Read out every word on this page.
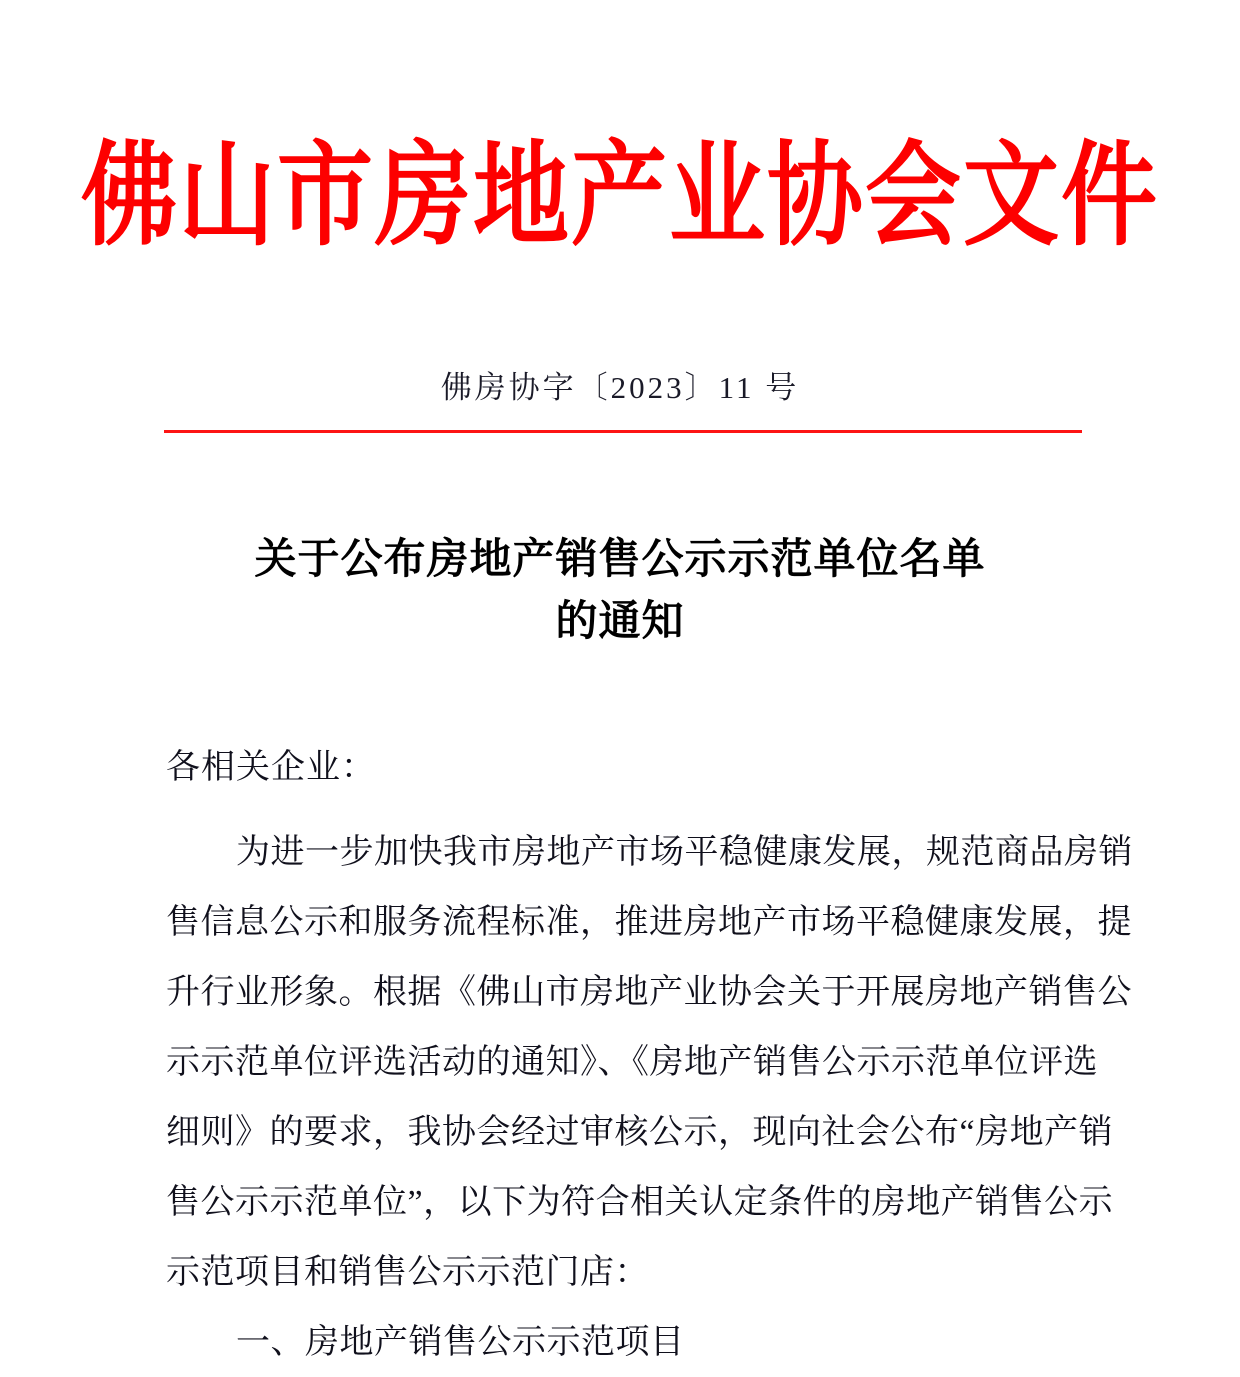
佛山市房地产业协会文件
佛房协字〔2023〕11 号
关于公布房地产销售公示示范单位名单
的通知

各相关企业：

为进一步加快我市房地产市场平稳健康发展，规范商品房销

售信息公示和服务流程标准，推进房地产市场平稳健康发展，提

升行业形象。根据《佛山市房地产业协会关于开展房地产销售公

示示范单位评选活动的通知》、《房地产销售公示示范单位评选

细则》的要求，我协会经过审核公示，现向社会公布“房地产销

售公示示范单位”，以下为符合相关认定条件的房地产销售公示

示范项目和销售公示示范门店：

一、房地产销售公示示范项目
